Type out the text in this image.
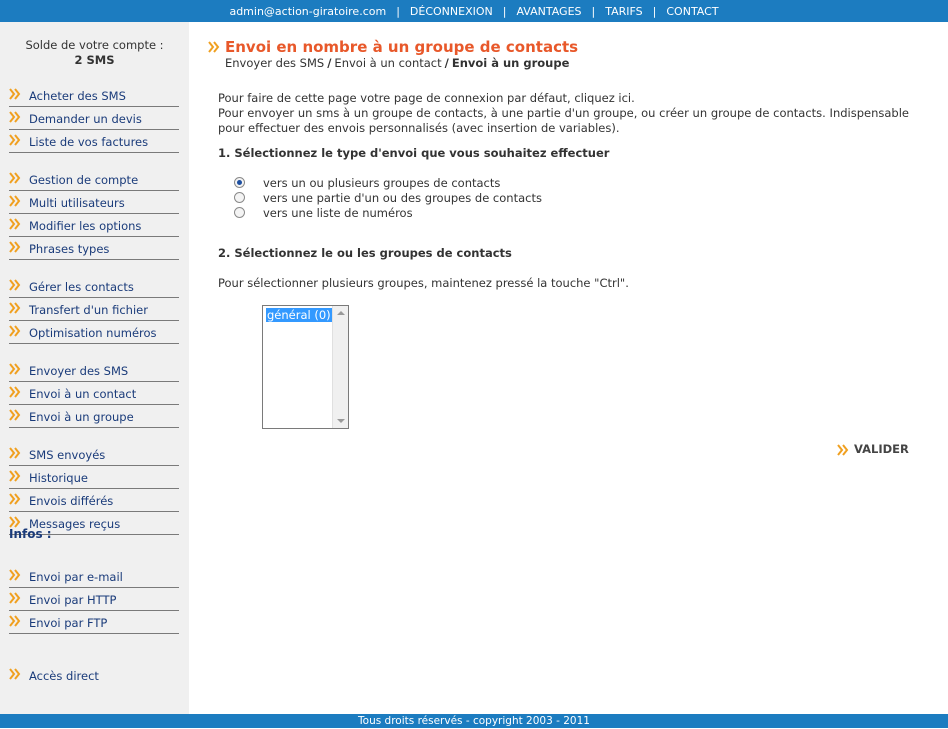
admin@action-giratoire.com | DÉCONNEXION | AVANTAGES | TARIFS | CONTACT
Solde de votre compte :
2 SMS
Acheter des SMS
Demander un devis
Liste de vos factures
Gestion de compte
Multi utilisateurs
Modifier les options
Phrases types
Gérer les contacts
Transfert d'un fichier
Optimisation numéros
Envoyer des SMS
Envoi à un contact
Envoi à un groupe
SMS envoyés
Historique
Envois différés
Messages reçus
Envoi par e-mail
Envoi par HTTP
Envoi par FTP
Accès direct
Infos :
Envoi en nombre à un groupe de contacts
Envoyer des SMS / Envoi à un contact / Envoi à un groupe
Pour faire de cette page votre page de connexion par défaut, cliquez ici.
Pour envoyer un sms à un groupe de contacts, à une partie d'un groupe, ou créer un groupe de contacts. Indispensable pour effectuer des envois personnalisés (avec insertion de variables).
1. Sélectionnez le type d'envoi que vous souhaitez effectuer
vers un ou plusieurs groupes de contacts
vers une partie d'un ou des groupes de contacts
vers une liste de numéros
2. Sélectionnez le ou les groupes de contacts
Pour sélectionner plusieurs groupes, maintenez pressé la touche "Ctrl".
général (0)
VALIDER
Tous droits réservés - copyright 2003 - 2011
